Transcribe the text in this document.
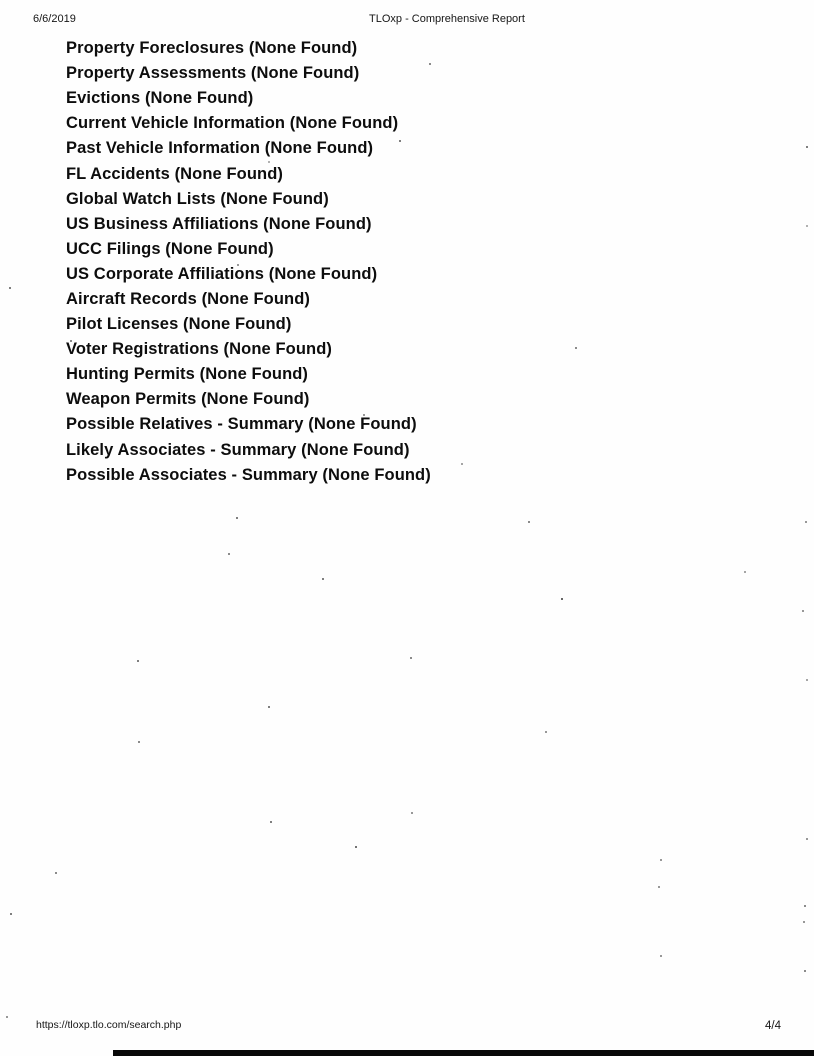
6/6/2019	TLOxp - Comprehensive Report
Property Foreclosures (None Found)
Property Assessments (None Found)
Evictions (None Found)
Current Vehicle Information (None Found)
Past Vehicle Information (None Found)
FL Accidents (None Found)
Global Watch Lists (None Found)
US Business Affiliations (None Found)
UCC Filings (None Found)
US Corporate Affiliations (None Found)
Aircraft Records (None Found)
Pilot Licenses (None Found)
Voter Registrations (None Found)
Hunting Permits (None Found)
Weapon Permits (None Found)
Possible Relatives - Summary (None Found)
Likely Associates - Summary (None Found)
Possible Associates - Summary (None Found)
https://tloxp.tlo.com/search.php	4/4
